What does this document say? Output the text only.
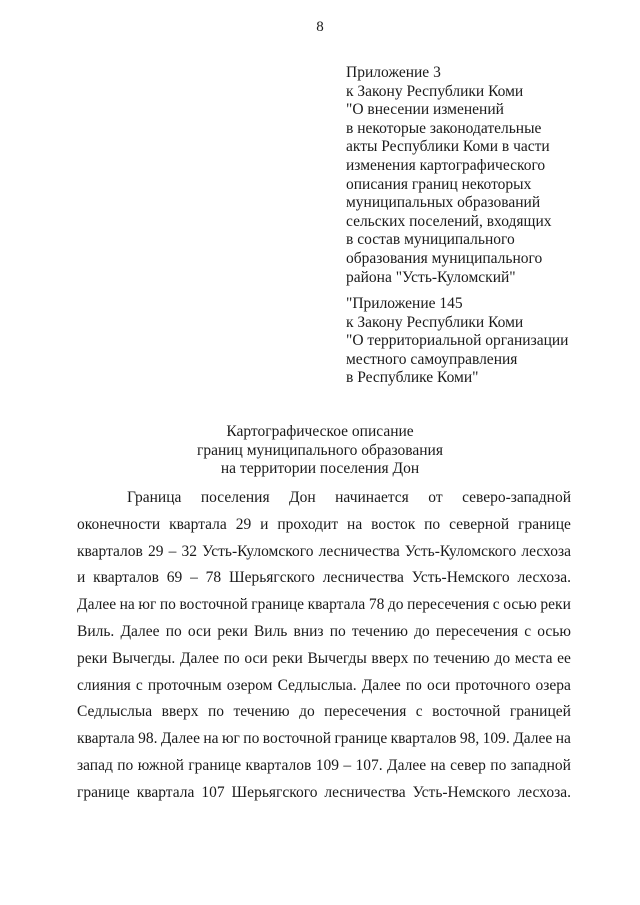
8
Приложение 3
к Закону Республики Коми
"О внесении изменений
в некоторые законодательные
акты Республики Коми в части
изменения картографического
описания границ некоторых
муниципальных образований
сельских поселений, входящих
в состав муниципального
образования муниципального
района "Усть-Куломский"
"Приложение 145
к Закону Республики Коми
"О территориальной организации
местного самоуправления
в Республике Коми"
Картографическое описание
границ муниципального образования
на территории поселения Дон
Граница поселения Дон начинается от северо-западной
оконечности квартала 29 и проходит на восток по северной границе
кварталов 29 – 32 Усть-Куломского лесничества Усть-Куломского лесхоза
и кварталов 69 – 78 Шерьягского лесничества Усть-Немского лесхоза.
Далее на юг по восточной границе квартала 78 до пересечения с осью реки
Виль. Далее по оси реки Виль вниз по течению до пересечения с осью
реки Вычегды. Далее по оси реки Вычегды вверх по течению до места ее
слияния с проточным озером Седлыслыа. Далее по оси проточного озера
Седлыслыа вверх по течению до пересечения с восточной границей
квартала 98. Далее на юг по восточной границе кварталов 98, 109. Далее на
запад по южной границе кварталов 109 – 107. Далее на север по западной
границе квартала 107 Шерьягского лесничества Усть-Немского лесхоза.
